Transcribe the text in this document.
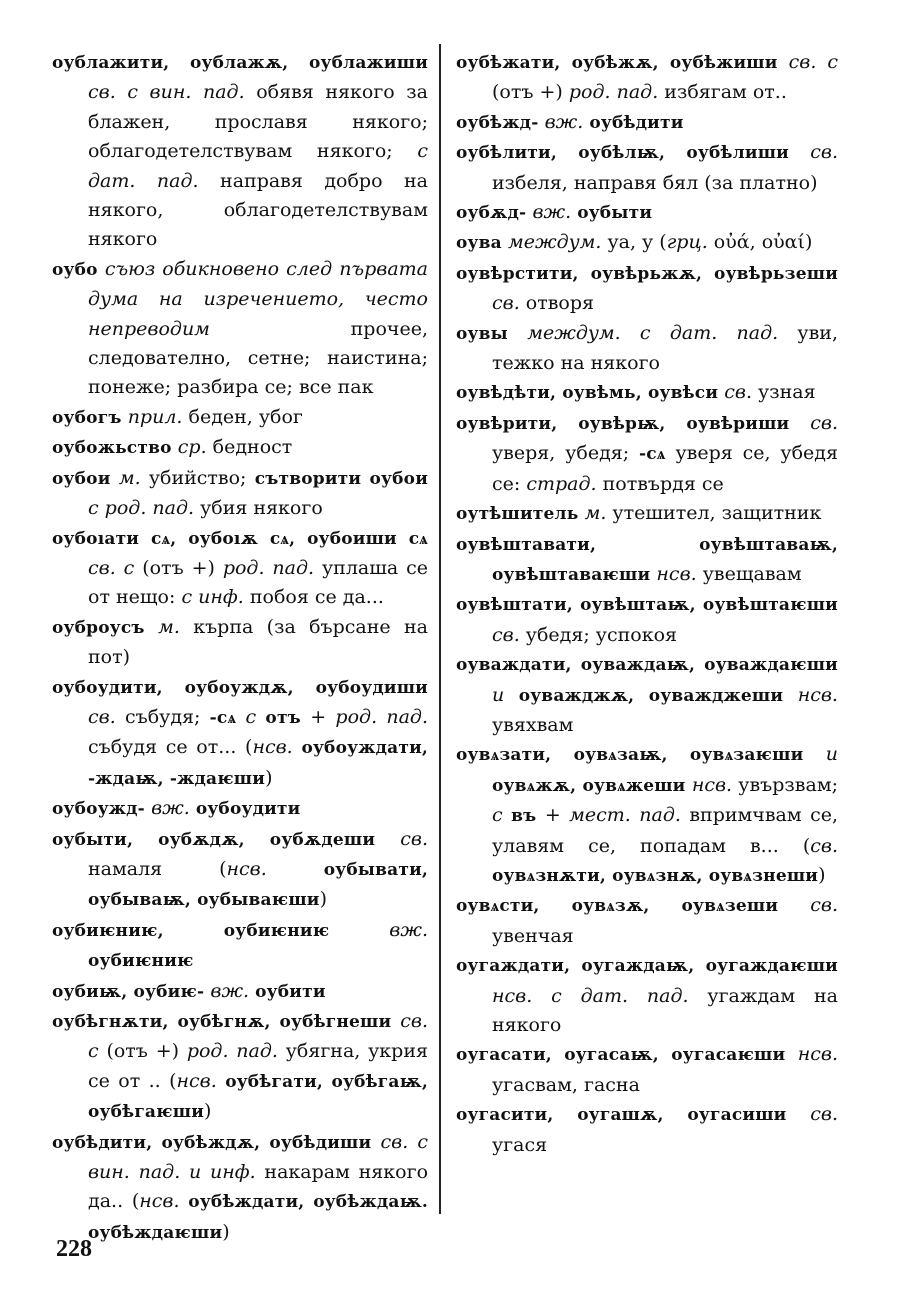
оублажити, оублажѫ, оублажиши св. с вин. пад. обявя някого за блажен, прославя някого; облагодетелствувам някого; с дат. пад. направя добро на някого, облагодетелствувам някого

оубо съюз обикновено след първата дума на изречението, често непреводим прочее, следователно, сетне; наистина; понеже; разбира се; все пак

оубогъ прил. беден, убог

оубожьство ср. бедност

оубои м. убийство; сътворити оубои с род. пад. убия някого

оубоıати сѧ, оубоıѫ сѧ, оубоиши сѧ св. с (отъ +) род. пад. уплаша се от нещо: с инф. побоя се да...

оуброусъ м. кърпа (за бърсане на пот)

оубоудити, оубоуждѫ, оубоудиши св. събудя; -сѧ с отъ + род. пад. събудя се от... (нсв. оубоуждати, -ждаѭ, -ждаѥши)

оубоужд- вж. оубоудити

оубыти, оубѫдѫ, оубѫдеши св. намаля (нсв.	оубывати, оубываѭ, оубываѥши)

оубиѥниѥ, оубиѥниѥ вж. оубиѥниѥ

оубиѭ, оубиѥ- вж. оубити

оубѣгнѫти, оубѣгнѫ, оубѣгнеши св. с (отъ +) род. пад. убягна, укрия се от .. (нсв. оубѣгати, оубѣгаѭ, оубѣгаѥши)

оубѣдити, оубѣждѫ, оубѣдиши св. с вин. пад. и инф. накарам някого да.. (нсв. оубѣждати, оубѣждаѭ. оубѣждаѥши)

оубѣжати, оубѣжѫ, оубѣжиши св. с (отъ +) род. пад. избягам от..

оубѣжд- вж. оубѣдити

оубѣлити, оубѣлѭ, оубѣлиши св. избеля, направя бял (за платно)

оубѫд- вж. оубыти

оува междум. уа, у (грц. οὐά, οὐαί)

оувѣрстити, оувѣрьжѫ, оувѣрьзеши св. отворя

оувы междум. с дат. пад. уви, тежко на някого

оувѣдѣти, оувѣмь, оувѣси св. узная

оувѣрити, оувѣрѭ, оувѣриши св. уверя, убедя; -сѧ уверя се, убедя се: страд. потвърдя се

оутѣшитель м. утешител, защитник

оувѣштавати, оувѣштаваѭ, оувѣштаваѥши нсв. увещавам

оувѣштати, оувѣштаѭ, оувѣштаѥши св. убедя; успокоя

оуваждати, оуваждаѭ, оуваждаѥши и оуважджѫ, оуважджеши нсв. увяхвам

оувѧзати, оувѧзаѭ, оувѧзаѥши и оувѧжѫ, оувѧжеши нсв. увързвам; с въ + мест. пад. впримчвам се, улавям се, попадам в... (св. оувѧзнѫти, оувѧзнѫ, оувѧзнеши)

оувѧсти, оувѧзѫ, оувѧзеши св. увенчая

оугаждати, оугаждаѭ, оугаждаѥши нсв. с дат. пад. угаждам на някого

оугасати, оугасаѭ, оугасаѥши нсв. угасвам, гасна

оугасити, оугашѫ, оугасиши св. угася

228
